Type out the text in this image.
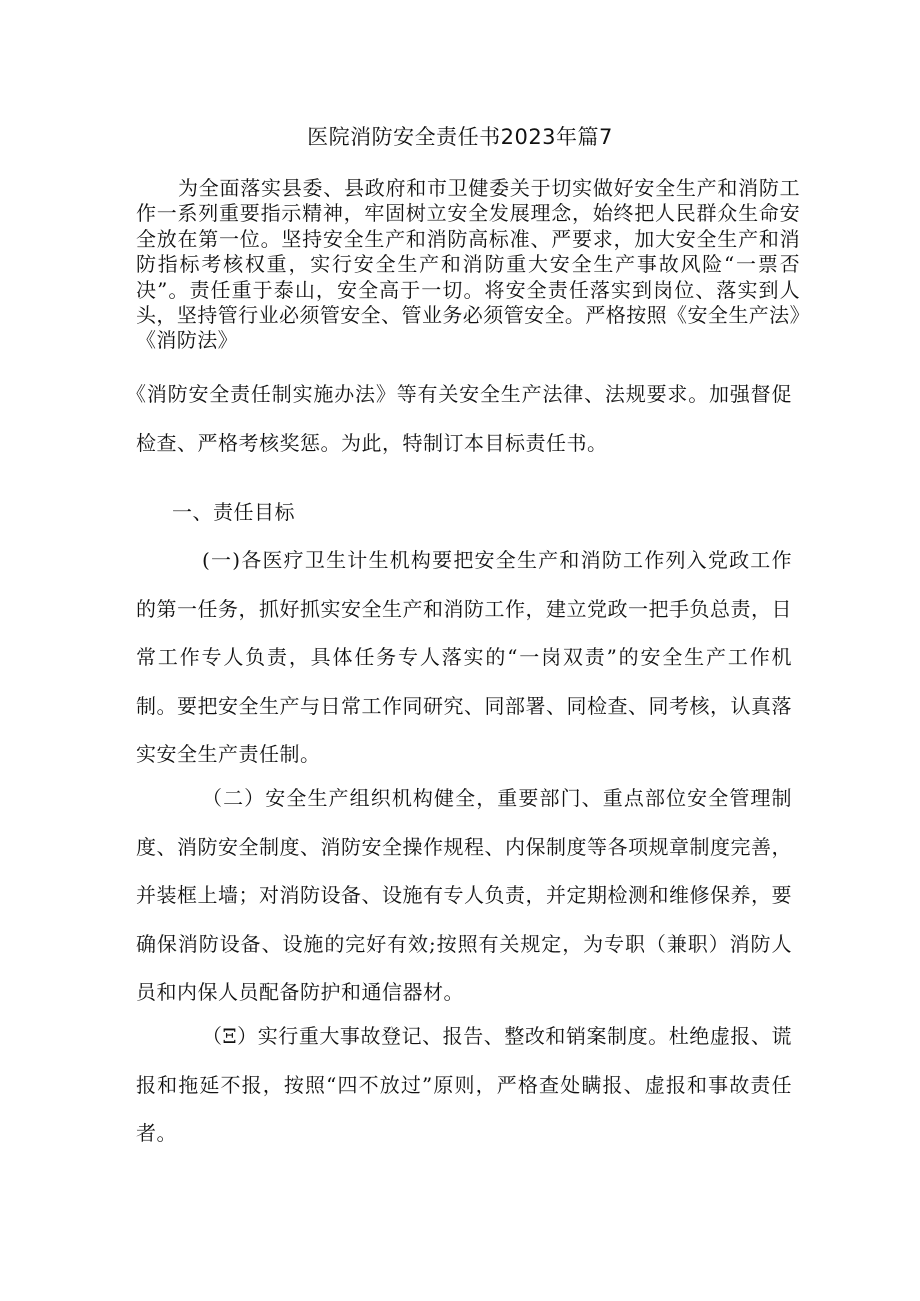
医院消防安全责任书2023年篇7

为全面落实县委、县政府和市卫健委关于切实做好安全生产和消防工作一系列重要指示精神，牢固树立安全发展理念，始终把人民群众生命安全放在第一位。坚持安全生产和消防高标准、严要求，加大安全生产和消防指标考核权重，实行安全生产和消防重大安全生产事故风险“一票否决”。责任重于泰山，安全高于一切。将安全责任落实到岗位、落实到人头，坚持管行业必须管安全、管业务必须管安全。严格按照《安全生产法》《消防法》

《消防安全责任制实施办法》等有关安全生产法律、法规要求。加强督促检查、严格考核奖惩。为此，特制订本目标责任书。

一、责任目标

(一)各医疗卫生计生机构要把安全生产和消防工作列入党政工作的第一任务，抓好抓实安全生产和消防工作，建立党政一把手负总责，日常工作专人负责，具体任务专人落实的“一岗双责”的安全生产工作机制。要把安全生产与日常工作同研究、同部署、同检查、同考核，认真落实安全生产责任制。

（二）安全生产组织机构健全，重要部门、重点部位安全管理制度、消防安全制度、消防安全操作规程、内保制度等各项规章制度完善，并装框上墙；对消防设备、设施有专人负责，并定期检测和维修保养，要确保消防设备、设施的完好有效;按照有关规定，为专职（兼职）消防人员和内保人员配备防护和通信器材。

（Ξ）实行重大事故登记、报告、整改和销案制度。杜绝虚报、谎报和拖延不报，按照“四不放过”原则，严格查处瞒报、虚报和事故责任者。
